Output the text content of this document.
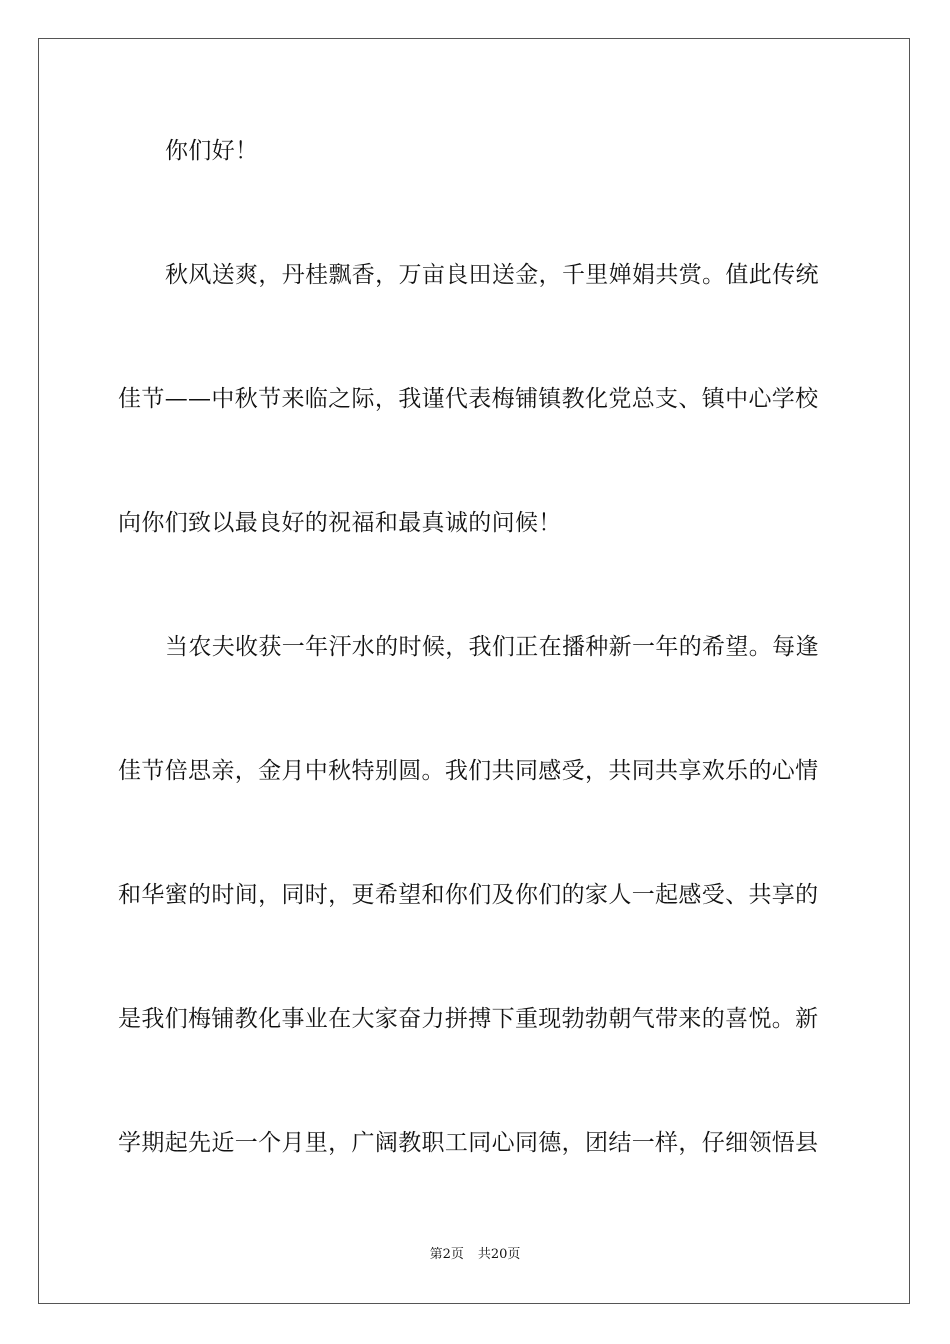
你们好！
秋风送爽，丹桂飘香，万亩良田送金，千里婵娟共赏。值此传统
佳节——中秋节来临之际，我谨代表梅铺镇教化党总支、镇中心学校
向你们致以最良好的祝福和最真诚的问候！
当农夫收获一年汗水的时候，我们正在播种新一年的希望。每逢
佳节倍思亲，金月中秋特别圆。我们共同感受，共同共享欢乐的心情
和华蜜的时间，同时，更希望和你们及你们的家人一起感受、共享的
是我们梅铺教化事业在大家奋力拼搏下重现勃勃朝气带来的喜悦。新
学期起先近一个月里，广阔教职工同心同德，团结一样，仔细领悟县
第2页 共20页
